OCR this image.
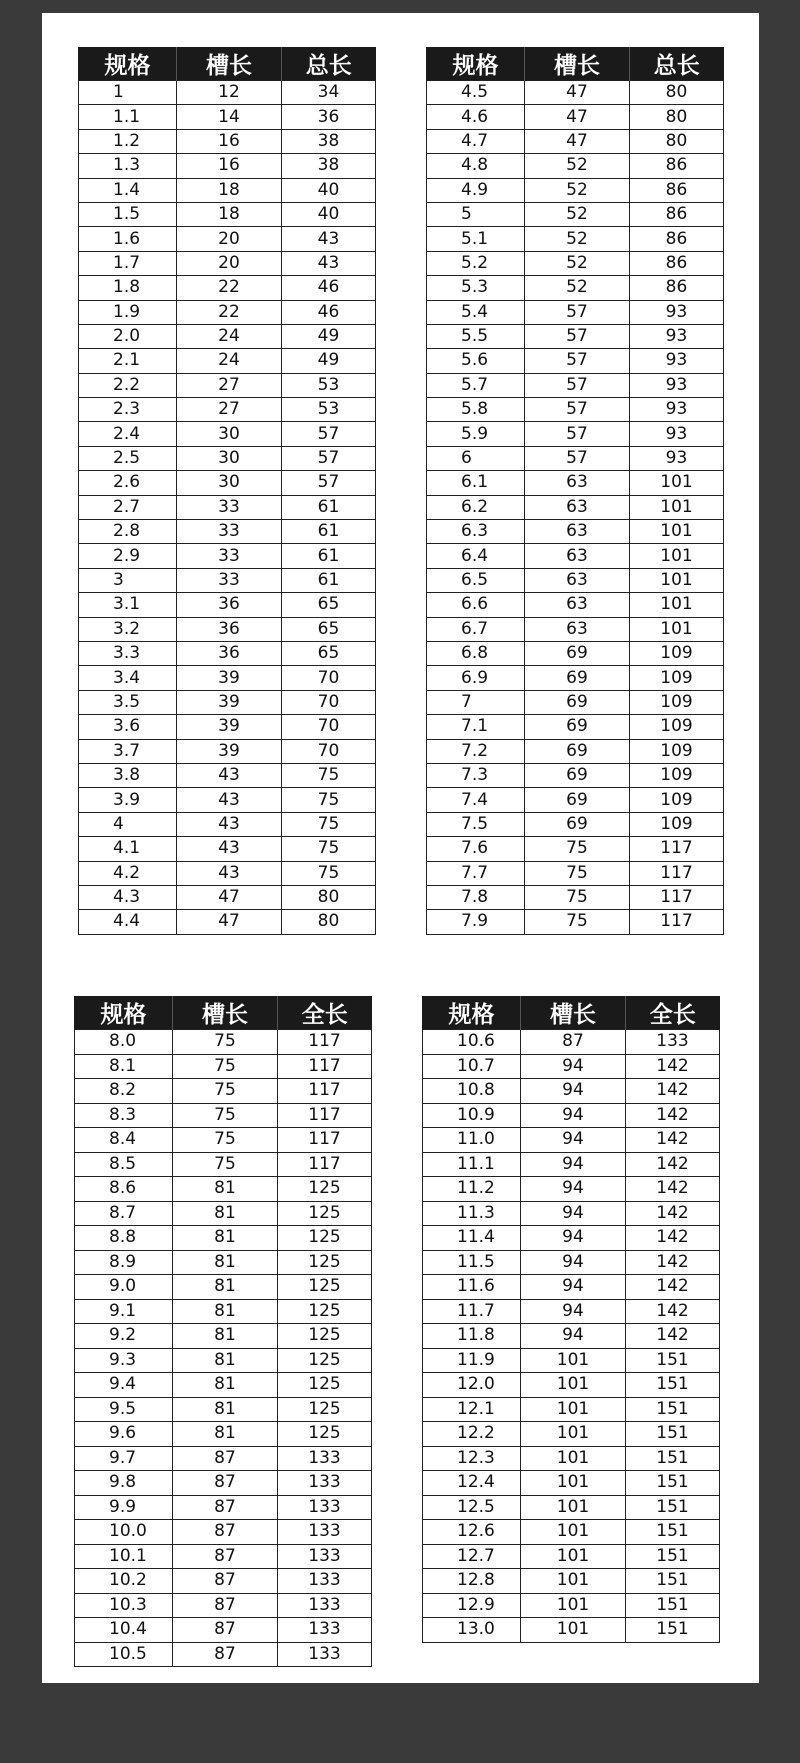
规格	槽长	总长
1	12	34
1.1	14	36
1.2	16	38
1.3	16	38
1.4	18	40
1.5	18	40
1.6	20	43
1.7	20	43
1.8	22	46
1.9	22	46
2.0	24	49
2.1	24	49
2.2	27	53
2.3	27	53
2.4	30	57
2.5	30	57
2.6	30	57
2.7	33	61
2.8	33	61
2.9	33	61
3	33	61
3.1	36	65
3.2	36	65
3.3	36	65
3.4	39	70
3.5	39	70
3.6	39	70
3.7	39	70
3.8	43	75
3.9	43	75
4	43	75
4.1	43	75
4.2	43	75
4.3	47	80
4.4	47	80
规格	槽长	总长
4.5	47	80
4.6	47	80
4.7	47	80
4.8	52	86
4.9	52	86
5	52	86
5.1	52	86
5.2	52	86
5.3	52	86
5.4	57	93
5.5	57	93
5.6	57	93
5.7	57	93
5.8	57	93
5.9	57	93
6	57	93
6.1	63	101
6.2	63	101
6.3	63	101
6.4	63	101
6.5	63	101
6.6	63	101
6.7	63	101
6.8	69	109
6.9	69	109
7	69	109
7.1	69	109
7.2	69	109
7.3	69	109
7.4	69	109
7.5	69	109
7.6	75	117
7.7	75	117
7.8	75	117
7.9	75	117
规格	槽长	全长
8.0	75	117
8.1	75	117
8.2	75	117
8.3	75	117
8.4	75	117
8.5	75	117
8.6	81	125
8.7	81	125
8.8	81	125
8.9	81	125
9.0	81	125
9.1	81	125
9.2	81	125
9.3	81	125
9.4	81	125
9.5	81	125
9.6	81	125
9.7	87	133
9.8	87	133
9.9	87	133
10.0	87	133
10.1	87	133
10.2	87	133
10.3	87	133
10.4	87	133
10.5	87	133
规格	槽长	全长
10.6	87	133
10.7	94	142
10.8	94	142
10.9	94	142
11.0	94	142
11.1	94	142
11.2	94	142
11.3	94	142
11.4	94	142
11.5	94	142
11.6	94	142
11.7	94	142
11.8	94	142
11.9	101	151
12.0	101	151
12.1	101	151
12.2	101	151
12.3	101	151
12.4	101	151
12.5	101	151
12.6	101	151
12.7	101	151
12.8	101	151
12.9	101	151
13.0	101	151
